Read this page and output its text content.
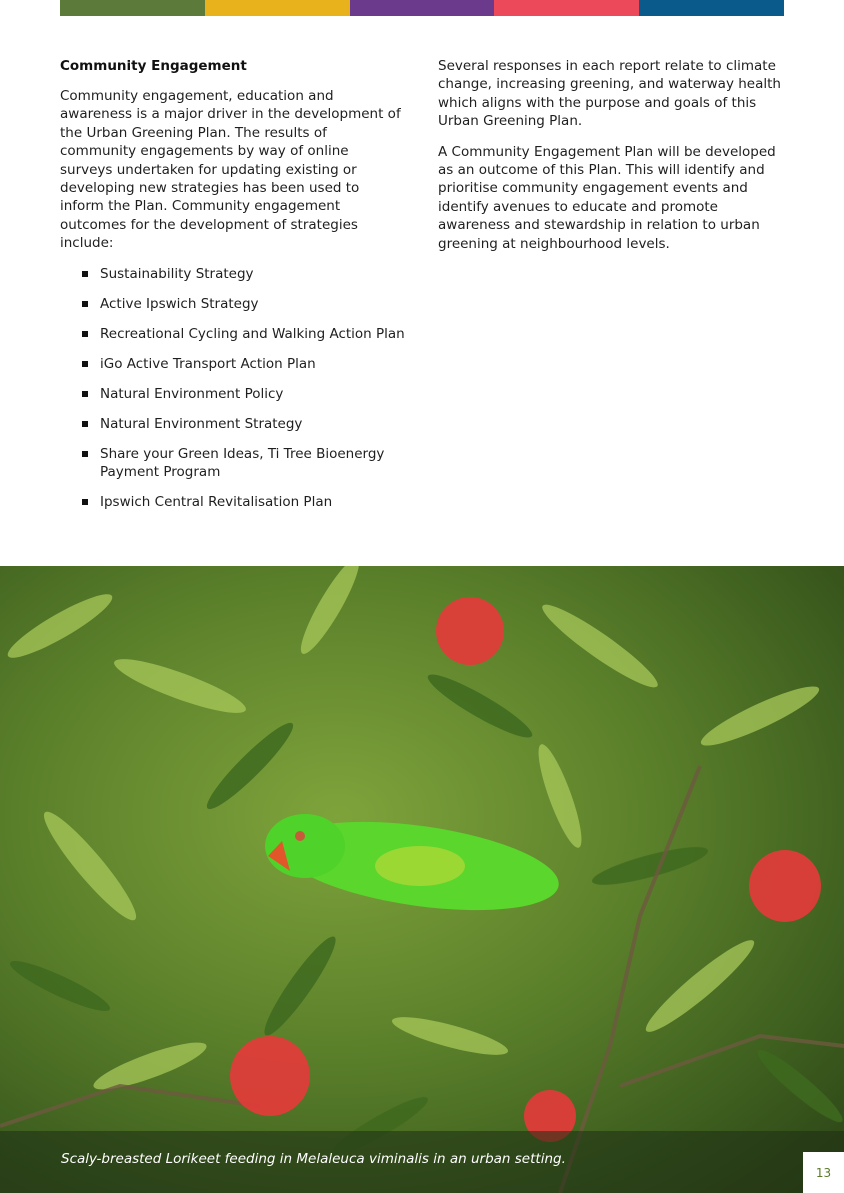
Community Engagement

Community engagement, education and awareness is a major driver in the development of the Urban Greening Plan. The results of community engagements by way of online surveys undertaken for updating existing or developing new strategies has been used to inform the Plan. Community engagement outcomes for the development of strategies include:

Sustainability Strategy
Active Ipswich Strategy
Recreational Cycling and Walking Action Plan
iGo Active Transport Action Plan
Natural Environment Policy
Natural Environment Strategy
Share your Green Ideas, Ti Tree Bioenergy Payment Program
Ipswich Central Revitalisation Plan

Several responses in each report relate to climate change, increasing greening, and waterway health which aligns with the purpose and goals of this Urban Greening Plan.

A Community Engagement Plan will be developed as an outcome of this Plan. This will identify and prioritise community engagement events and identify avenues to educate and promote awareness and stewardship in relation to urban greening at neighbourhood levels.

Scaly-breasted Lorikeet feeding in Melaleuca viminalis in an urban setting.
13
